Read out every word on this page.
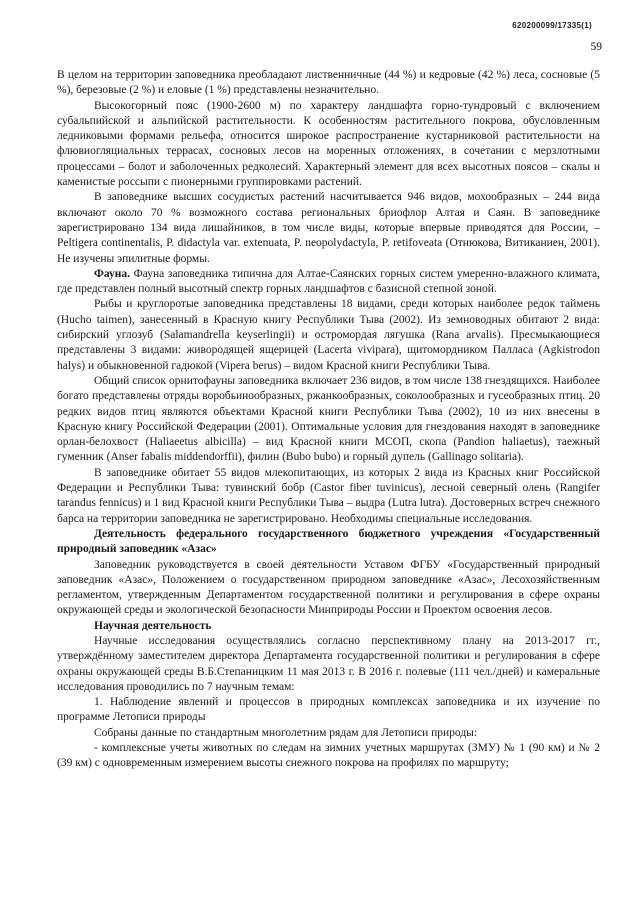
620200099/17335(1)
59

В целом на территории заповедника преобладают лиственничные (44 %) и кедровые (42 %) леса, сосновые (5 %), березовые (2 %) и еловые (1 %) представлены незначительно.

Высокогорный пояс (1900-2600 м) по характеру ландшафта горно-тундровый с включением субальпийской и альпийской растительности. К особенностям растительного покрова, обусловленным ледниковыми формами рельефа, относится широкое распространение кустарниковой растительности на флювиогляциальных террасах, сосновых лесов на моренных отложениях, в сочетании с мерзлотными процессами – болот и заболоченных редколесий. Характерный элемент для всех высотных поясов – скалы и каменистые россыпи с пионерными группировками растений.

В заповеднике высших сосудистых растений насчитывается 946 видов, мохообразных – 244 вида включают около 70 % возможного состава региональных бриофлор Алтая и Саян. В заповеднике зарегистрировано 134 вида лишайников, в том числе виды, которые впервые приводятся для России, – Peltigera continentalis, P. didactyla var. extenuata, P. neopolydactyla, P. retifoveata (Отнюкова, Витиканиен, 2001). Не изучены эпилитные формы.

Фауна. Фауна заповедника типична для Алтае-Саянских горных систем умеренно-влажного климата, где представлен полный высотный спектр горных ландшафтов с базисной степной зоной.

Рыбы и круглоротые заповедника представлены 18 видами, среди которых наиболее редок таймень (Hucho taimen), занесенный в Красную книгу Республики Тыва (2002). Из земноводных обитают 2 вида: сибирский углозуб (Salamandrella keyserlingii) и остромордая лягушка (Rana arvalis). Пресмыкающиеся представлены 3 видами: живородящей ящерицей (Lacerta vivipara), щитомордником Палласа (Agkistrodon halys) и обыкновенной гадюкой (Vipera berus) – видом Красной книги Республики Тыва.

Общий список орнитофауны заповедника включает 236 видов, в том числе 138 гнездящихся. Наиболее богато представлены отряды воробьинообразных, ржанкообразных, соколообразных и гусеобразных птиц. 20 редких видов птиц являются объектами Красной книги Республики Тыва (2002), 10 из них внесены в Красную книгу Российской Федерации (2001). Оптимальные условия для гнездования находят в заповеднике орлан-белохвост (Haliaeetus albicilla) – вид Красной книги МСОП, скопа (Pandion haliaetus), таежный гуменник (Anser fabalis middendorffii), филин (Bubo bubo) и горный дупель (Gallinago solitaria).

В заповеднике обитает 55 видов млекопитающих, из которых 2 вида из Красных книг Российской Федерации и Республики Тыва: тувинский бобр (Castor fiber tuvinicus), лесной северный олень (Rangifer tarandus fennicus) и 1 вид Красной книги Республики Тыва – выдра (Lutra lutra). Достоверных встреч снежного барса на территории заповедника не зарегистрировано. Необходимы специальные исследования.

Деятельность федерального государственного бюджетного учреждения «Государственный природный заповедник «Азас»

Заповедник руководствуется в своей деятельности Уставом ФГБУ «Государственный природный заповедник «Азас», Положением о государственном природном заповеднике «Азас», Лесохозяйственным регламентом, утвержденным Департаментом государственной политики и регулирования в сфере охраны окружающей среды и экологической безопасности Минприроды России и Проектом освоения лесов.

Научная деятельность

Научные исследования осуществлялись согласно перспективному плану на 2013-2017 гг., утверждённому заместителем директора Департамента государственной политики и регулирования в сфере охраны окружающей среды В.Б.Степаницким 11 мая 2013 г. В 2016 г. полевые (111 чел./дней) и камеральные исследования проводились по 7 научным темам:

1. Наблюдение явлений и процессов в природных комплексах заповедника и их изучение по программе Летописи природы

Собраны данные по стандартным многолетним рядам для Летописи природы:

- комплексные учеты животных по следам на зимних учетных маршрутах (ЗМУ) № 1 (90 км) и № 2 (39 км) с одновременным измерением высоты снежного покрова на профилях по маршруту;
